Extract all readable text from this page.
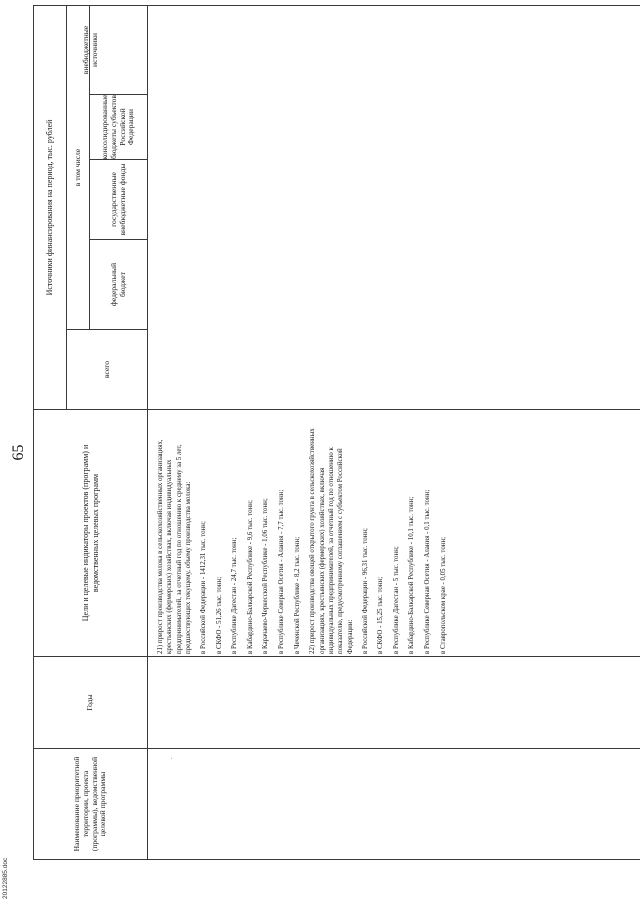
20122885.doc
65
.
Наименование приоритетной территории, проекта (программы), ведомственной целевой программы
Годы
Цели и целевые индикаторы проектов (программ) и ведомственных целевых программ
Источники финансирования на период, тыс. рублей
всего
в том числе
федеральный бюджет
государственные внебюджетные фонды
консолидированные бюджеты субъектов Российской Федерации
внебюджетные источники

21) прирост производства молока в сельскохозяйственных организациях, крестьянских (фермерских) хозяйствах, включая индивидуальных предпринимателей, за отчетный год по отношению к среднему за 5 лет, предшествующих текущему, объему производства молока: в Российской Федерации - 1412,31 тыс. тонн; в СКФО - 51,26 тыс. тонн; в Республике Дагестан - 24,7 тыс. тонн; в Кабардино-Балкарской Республике - 9,6 тыс. тонн; в Карачаево-Черкесской Республике - 1,06 тыс. тонн; в Республике Северная Осетия - Алания - 7,7 тыс. тонн; в Чеченской Республике - 8,2 тыс. тонн; 22) прирост производства овощей открытого грунта в сельскохозяйственных организациях, крестьянских (фермерских) хозяйствах, включая индивидуальных предпринимателей, за отчетный год по отношению к показателю, предусмотренному соглашением с субъектом Российской Федерации: в Российской Федерации - 96,31 тыс. тонн; в СКФО - 15,25 тыс. тонн; в Республике Дагестан - 5 тыс. тонн; в Кабардино-Балкарской Республике - 10,1 тыс. тонн; в Республике Северная Осетия - Алания - 0,1 тыс. тонн; в Ставропольском крае - 0,05 тыс. тонн;
